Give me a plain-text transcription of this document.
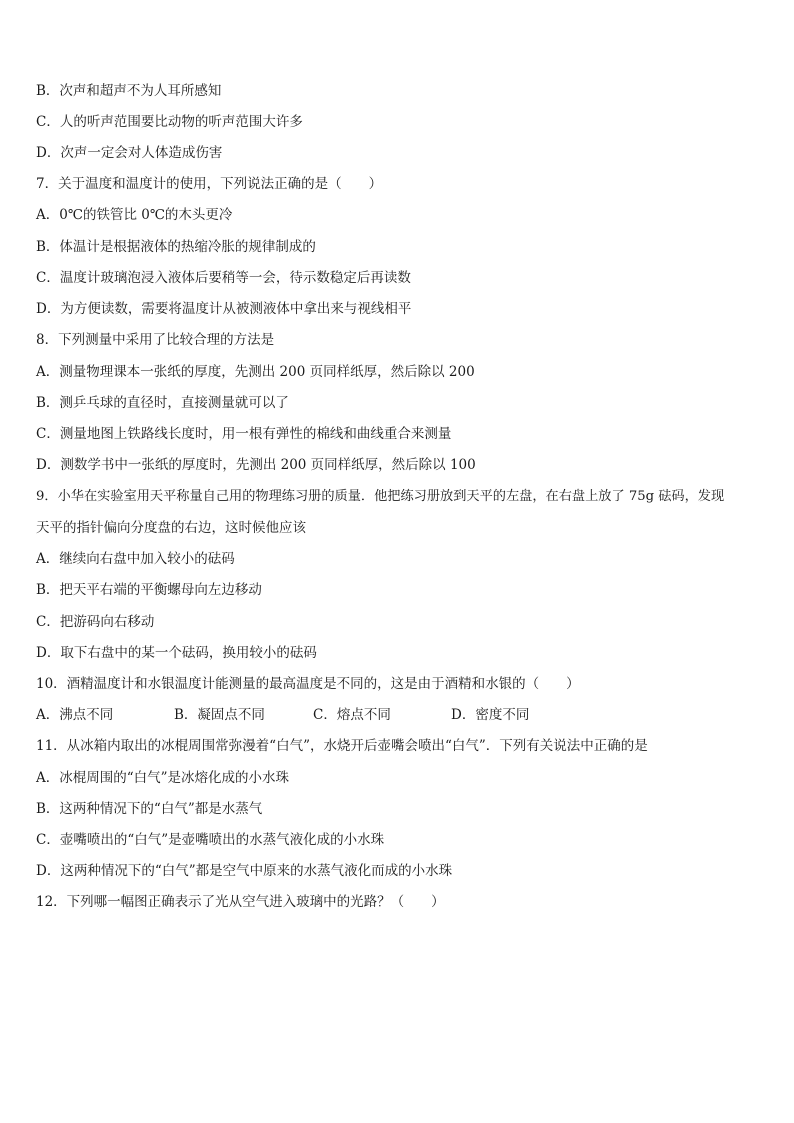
B．次声和超声不为人耳所感知
C．人的听声范围要比动物的听声范围大许多
D．次声一定会对人体造成伤害
7．关于温度和温度计的使用，下列说法正确的是（　　）
A．0℃的铁管比 0℃的木头更冷
B．体温计是根据液体的热缩冷胀的规律制成的
C．温度计玻璃泡浸入液体后要稍等一会，待示数稳定后再读数
D．为方便读数，需要将温度计从被测液体中拿出来与视线相平
8．下列测量中采用了比较合理的方法是
A．测量物理课本一张纸的厚度，先测出 200 页同样纸厚，然后除以 200
B．测乒乓球的直径时，直接测量就可以了
C．测量地图上铁路线长度时，用一根有弹性的棉线和曲线重合来测量
D．测数学书中一张纸的厚度时，先测出 200 页同样纸厚，然后除以 100
9．小华在实验室用天平称量自己用的物理练习册的质量．他把练习册放到天平的左盘，在右盘上放了 75g 砝码，发现
天平的指针偏向分度盘的右边，这时候他应该
A．继续向右盘中加入较小的砝码
B．把天平右端的平衡螺母向左边移动
C．把游码向右移动
D．取下右盘中的某一个砝码，换用较小的砝码
10．酒精温度计和水银温度计能测量的最高温度是不同的，这是由于酒精和水银的（　　）
A．沸点不同	B．凝固点不同	C．熔点不同	D．密度不同
11．从冰箱内取出的冰棍周围常弥漫着“白气”，水烧开后壶嘴会喷出“白气”．下列有关说法中正确的是
A．冰棍周围的“白气”是冰熔化成的小水珠
B．这两种情况下的“白气”都是水蒸气
C．壶嘴喷出的“白气”是壶嘴喷出的水蒸气液化成的小水珠
D．这两种情况下的“白气”都是空气中原来的水蒸气液化而成的小水珠
12．下列哪一幅图正确表示了光从空气进入玻璃中的光路？（　　）
